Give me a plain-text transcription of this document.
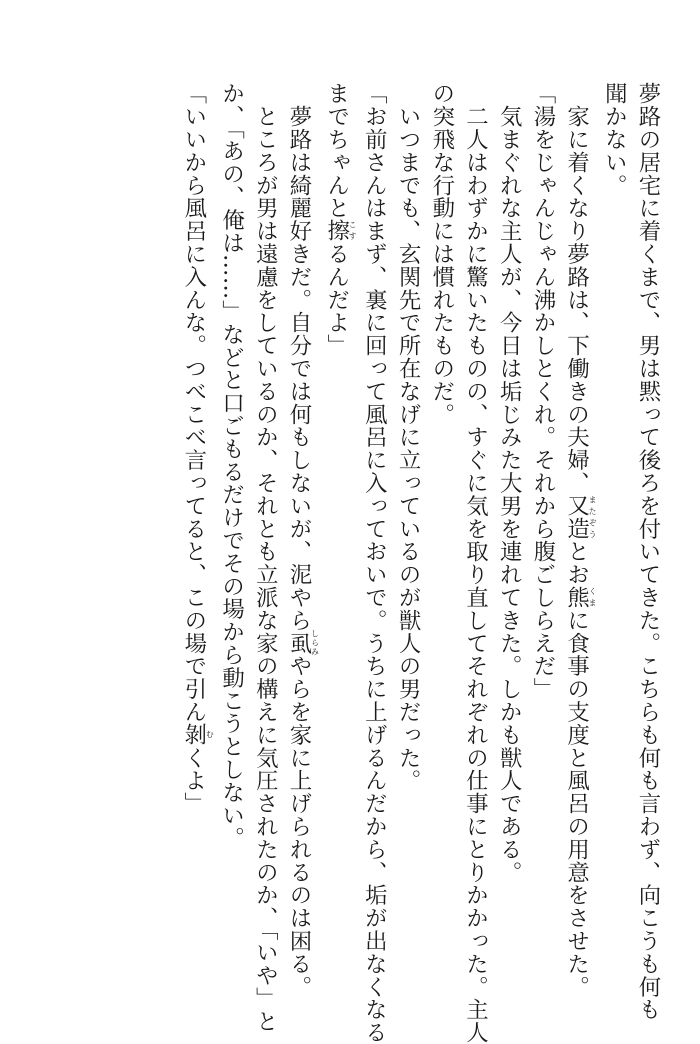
夢路の居宅に着くまで、男は黙って後ろを付いてきた。こちらも何も言わず、向こうも何も
聞かない。
　家に着くなり夢路は、下働きの夫婦、又造またぞうとお熊くまに食事の支度と風呂の用意をさせた。
「湯をじゃんじゃん沸かしとくれ。それから腹ごしらえだ」
　気まぐれな主人が、今日は垢じみた大男を連れてきた。しかも獣人である。
　二人はわずかに驚いたものの、すぐに気を取り直してそれぞれの仕事にとりかかった。主人
の突飛な行動には慣れたものだ。
　いつまでも、玄関先で所在なげに立っているのが獣人の男だった。
「お前さんはまず、裏に回って風呂に入っておいで。うちに上げるんだから、垢が出なくなる
までちゃんと擦こするんだよ」
　夢路は綺麗好きだ。自分では何もしないが、泥やら虱しらみやらを家に上げられるのは困る。
　ところが男は遠慮をしているのか、それとも立派な家の構えに気圧されたのか、「いや」と
か、「あの、俺は……」などと口ごもるだけでその場から動こうとしない。
「いいから風呂に入んな。つべこべ言ってると、この場で引ん剝むくよ」
